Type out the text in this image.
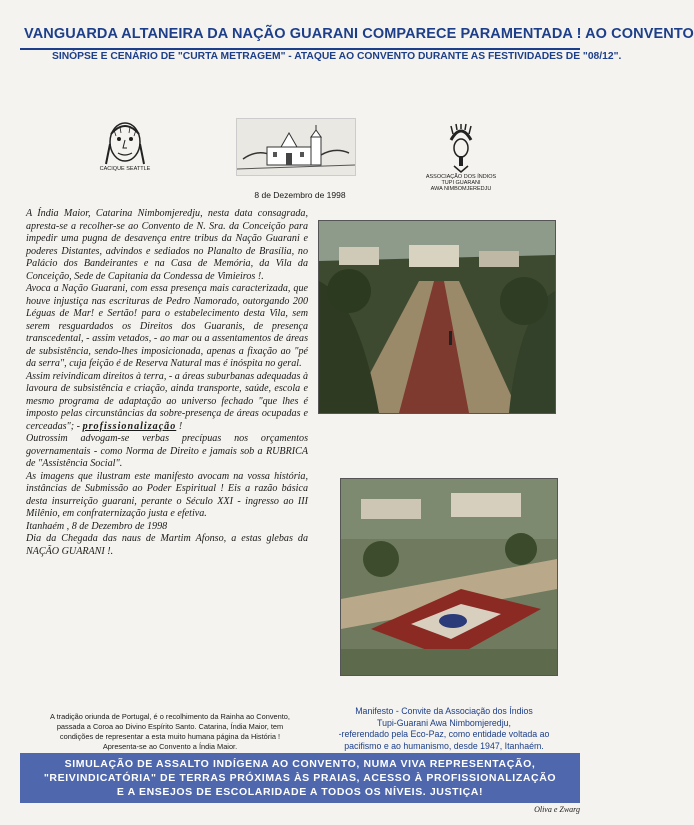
VANGUARDA ALTANEIRA DA NAÇÃO GUARANI COMPARECE PARAMENTADA ! AO CONVENTO
SINÓPSE E CENÁRIO DE "CURTA METRAGEM" - ATAQUE AO CONVENTO DURANTE AS FESTIVIDADES DE "08/12".
CACIQUE SEATTLE
ASSOCIAÇÃO DOS ÍNDIOS
TUPI GUARANI
AWA NIMBOMJEREDJU
8 de Dezembro de 1998

A Índia Maior, Catarina Nimbomjeredju, nesta data consagrada, apresta-se a recolher-se ao Convento de N. Sra. da Conceição para impedir uma pugna de desavença entre tribus da Nação Guarani e poderes Distantes, advindos e sediados no Planalto de Brasília, no Palácio dos Bandeirantes e na Casa de Memória, da Vila da Conceição, Sede de Capitania da Condessa de Vimieiros !.

Avoca a Nação Guarani, com essa presença mais caracterizada, que houve injustiça nas escrituras de Pedro Namorado, outorgando 200 Léguas de Mar! e Sertão! para o estabelecimento desta Vila, sem serem resguardados os Direitos dos Guaranis, de presença transcedental, - assim vetados, - ao mar ou a assentamentos de áreas de subsistência, sendo-lhes imposicionada, apenas a fixação ao "pé da serra", cuja feição é de Reserva Natural mas é inóspita no geral.

Assim reivindicam direitos à terra, - a áreas suburbanas adequadas à lavoura de subsistência e criação, ainda transporte, saúde, escola e mesmo programa de adaptação ao universo fechado "que lhes é imposto pelas circunstâncias da sobre-presença de áreas ocupadas e cerceadas"; - profissionalização !

Outrossim advogam-se verbas precípuas nos orçamentos governamentais - como Norma de Direito e jamais sob a RUBRICA de "Assistência Social".

As imagens que ilustram este manifesto avocam na vossa história, instâncias de Submissão ao Poder Espiritual ! Eis a razão básica desta insurreição guarani, perante o Século XXI - ingresso ao III Milênio, em confraternização justa e efetiva.

Itanhaém , 8 de Dezembro de 1998

Dia da Chegada das naus de Martim Afonso, a estas glebas da NAÇÃO GUARANI !.

A tradição oriunda de Portugal, é o recolhimento da Rainha ao Convento, passada a Coroa ao Divino Espírito Santo. Catarina, Índia Maior, tem condições de representar a esta muito humana página da História ! Apresenta-se ao Convento a Índia Maior.
Manifesto - Convite da Associação dos Índios
Tupi-Guarani Awa Nimbomjeredju,
-referendado pela Eco-Paz, como entidade voltada ao
pacifismo e ao humanismo, desde 1947, Itanhaém.
SIMULAÇÃO DE ASSALTO INDÍGENA AO CONVENTO, NUMA VIVA REPRESENTAÇÃO,
"REIVINDICATÓRIA" DE TERRAS PRÓXIMAS ÀS PRAIAS, ACESSO À PROFISSIONALIZAÇÃO
E A ENSEJOS DE ESCOLARIDADE A TODOS OS NÍVEIS. JUSTIÇA!
Oliva e Zwarg
